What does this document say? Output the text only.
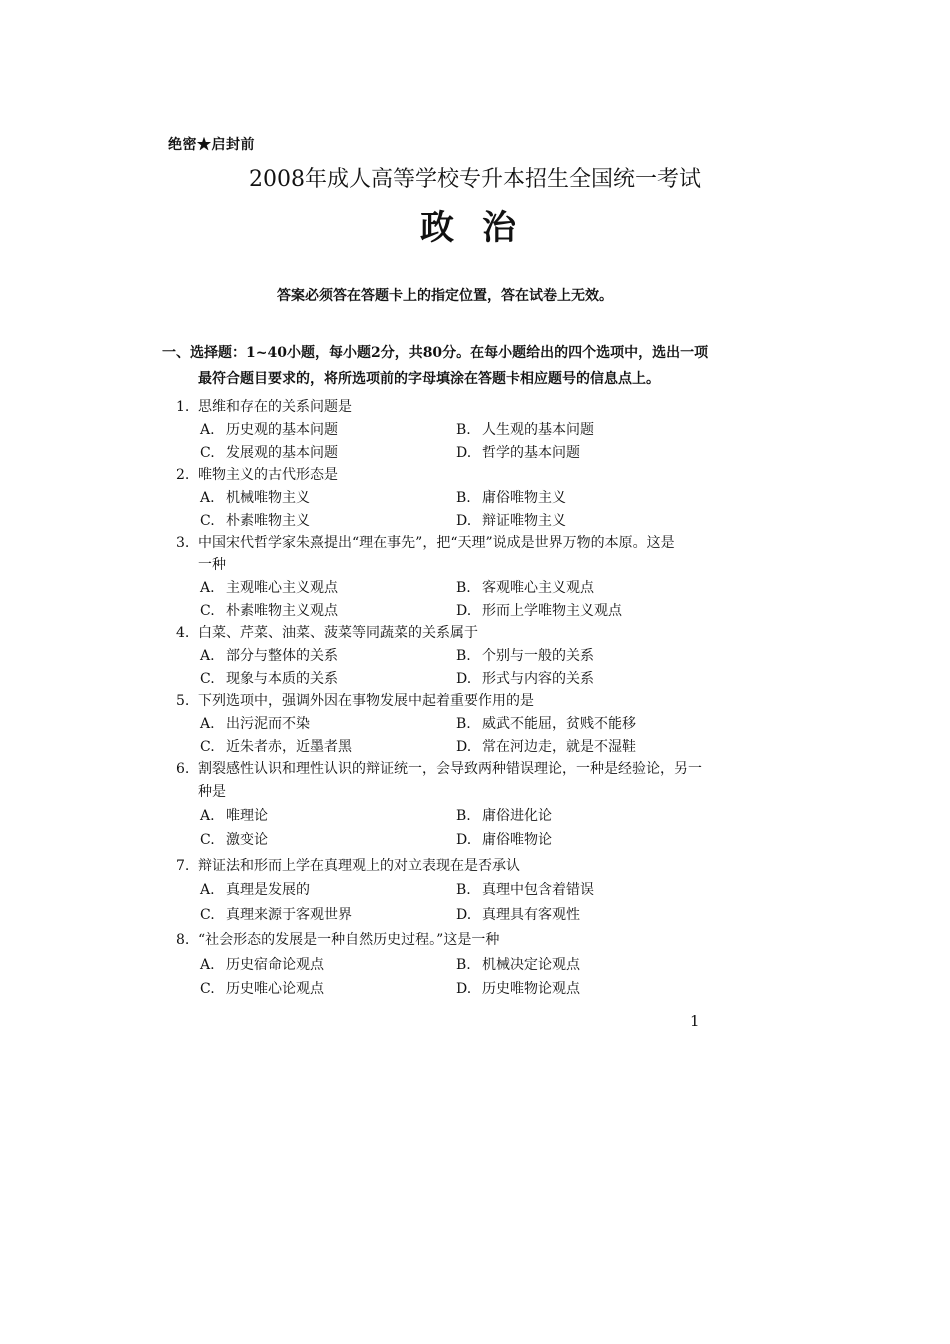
绝密★启封前
2008年成人高等学校专升本招生全国统一考试
政治
答案必须答在答题卡上的指定位置，答在试卷上无效。
一、选择题：1~40小题，每小题2分，共80分。在每小题给出的四个选项中，选出一项
最符合题目要求的，将所选项前的字母填涂在答题卡相应题号的信息点上。
1. 思维和存在的关系问题是
A. 历史观的基本问题	B. 人生观的基本问题
C. 发展观的基本问题	D. 哲学的基本问题
2. 唯物主义的古代形态是
A. 机械唯物主义	B. 庸俗唯物主义
C. 朴素唯物主义	D. 辩证唯物主义
3. 中国宋代哲学家朱熹提出“理在事先”，把“天理”说成是世界万物的本原。这是
一种
A. 主观唯心主义观点	B. 客观唯心主义观点
C. 朴素唯物主义观点	D. 形而上学唯物主义观点
4. 白菜、芹菜、油菜、菠菜等同蔬菜的关系属于
A. 部分与整体的关系	B. 个别与一般的关系
C. 现象与本质的关系	D. 形式与内容的关系
5. 下列选项中，强调外因在事物发展中起着重要作用的是
A. 出污泥而不染	B. 威武不能屈，贫贱不能移
C. 近朱者赤，近墨者黑	D. 常在河边走，就是不湿鞋
6. 割裂感性认识和理性认识的辩证统一，会导致两种错误理论，一种是经验论，另一
种是
A. 唯理论	B. 庸俗进化论
C. 激变论	D. 庸俗唯物论
7. 辩证法和形而上学在真理观上的对立表现在是否承认
A. 真理是发展的	B. 真理中包含着错误
C. 真理来源于客观世界	D. 真理具有客观性
8. “社会形态的发展是一种自然历史过程。”这是一种
A. 历史宿命论观点	B. 机械决定论观点
C. 历史唯心论观点	D. 历史唯物论观点
1
